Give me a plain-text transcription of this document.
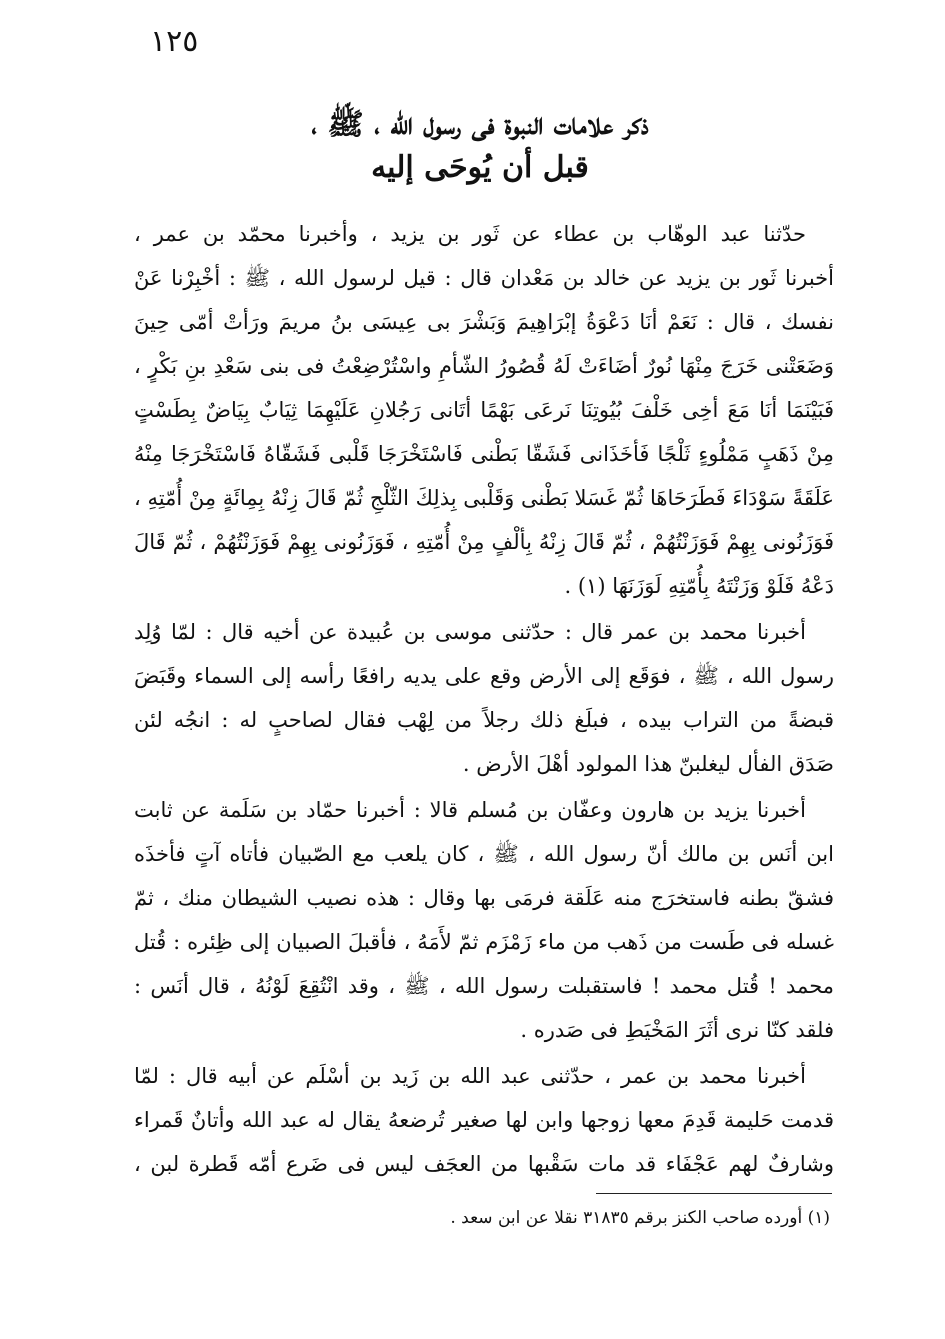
١٢٥
ذكر علامات النبوة فى رسول الله ، ﷺ ،
قبل أن يُوحَى إليه
حدّثنا عبد الوهّاب بن عطاء عن ثَور بن يزيد ، وأخبرنا محمّد بن عمر ،
أخبرنا ثَور بن يزيد عن خالد بن مَعْدان قال : قيل لرسول الله ، ﷺ : أخْبِرْنا عَنْ
نفسك ، قال : نَعَمْ أنَا دَعْوَةُ إبْرَاهِيمَ وَبَشْرَ بى عِيسَى بنُ مريمَ ورَأتْ أمّى حِينَ
وَضَعَتْنى خَرَجَ مِنْهَا نُورٌ أضَاءَتْ لَهُ قُصُورُ الشّأمِ واسْتُرْضِعْتُ فى بنى سَعْدِ بنِ بَكْرٍ ،
فَبَيْنَمَا أنَا مَعَ أخِى خَلْفَ بُيُوتِنَا نَرعَى بَهْمًا أتَانى رَجُلانِ عَلَيْهِمَا ثِيَابٌ بِيَاضٌ بِطَسْتٍ
مِنْ ذَهَبٍ مَمْلُوءٍ ثَلْجًا فَأخَذَانى فَشَقّا بَطْنى فَاسْتَخْرَجَا قَلْبى فَشَقّاهُ فَاسْتَخْرَجَا مِنْهُ
عَلَقَةً سَوْدَاءَ فَطَرَحَاهَا ثُمّ غَسَلا بَطْنى وَقَلْبى بِذلِكَ الثّلْجِ ثُمّ قَالَ زِنْهُ بِمِائَةٍ مِنْ أُمّتِهِ ،
فَوَزَنُونى بِهِمْ فَوَزَنْتُهُمْ ، ثُمّ قَالَ زِنْهُ بِألْفٍ مِنْ أُمّتِهِ ، فَوَزَنُونى بِهِمْ فَوَزَنْتُهُمْ ، ثُمّ قَالَ
دَعْهُ فَلَوْ وَزَنْتَهُ بِأُمّتِهِ لَوَزَنَهَا (١) .
أخبرنا محمد بن عمر قال : حدّثنى موسى بن عُبيدة عن أخيه قال : لمّا وُلِد
رسول الله ، ﷺ ، فوَقَع إلى الأرض وقع على يديه رافعًا رأسه إلى السماء وقَبَضَ
قبضةً من التراب بيده ، فبلَغ ذلك رجلاً من لِهْب فقال لصاحبٍ له : انجُه لئن
صَدَق الفأل ليغلبنّ هذا المولود أهْلَ الأرض .
أخبرنا يزيد بن هارون وعفّان بن مُسلم قالا : أخبرنا حمّاد بن سَلَمة عن ثابت
ابن أنَس بن مالك أنّ رسول الله ، ﷺ ، كان يلعب مع الصّبيان فأتاه آتٍ فأخذَه
فشقّ بطنه فاستخرَج منه عَلَقة فرمَى بها وقال : هذه نصيب الشيطان منك ، ثمّ
غسله فى طَست من ذَهب من ماء زَمْزَم ثمّ لأَمَهُ ، فأقبلَ الصبيان إلى ظِئره : قُتل
محمد ! قُتل محمد ! فاستقبلت رسول الله ، ﷺ ، وقد انْتُقِعَ لَوْنُهُ ، قال أنَس :
فلقد كنّا نرى أثَرَ المَخْيَطِ فى صَدره .
أخبرنا محمد بن عمر ، حدّثنى عبد الله بن زَيد بن أسْلَم عن أبيه قال : لمّا
قدمت حَليمة قَدِمَ معها زوجها وابن لها صغير تُرضعهُ يقال له عبد الله وأتانٌ قَمراء
وشارفٌ لهم عَجْفَاء قد مات سَقْبها من العجَف ليس فى ضَرع أمّه قَطرة لبن ،
(١) أورده صاحب الكنز برقم ٣١٨٣٥ نقلا عن ابن سعد .
